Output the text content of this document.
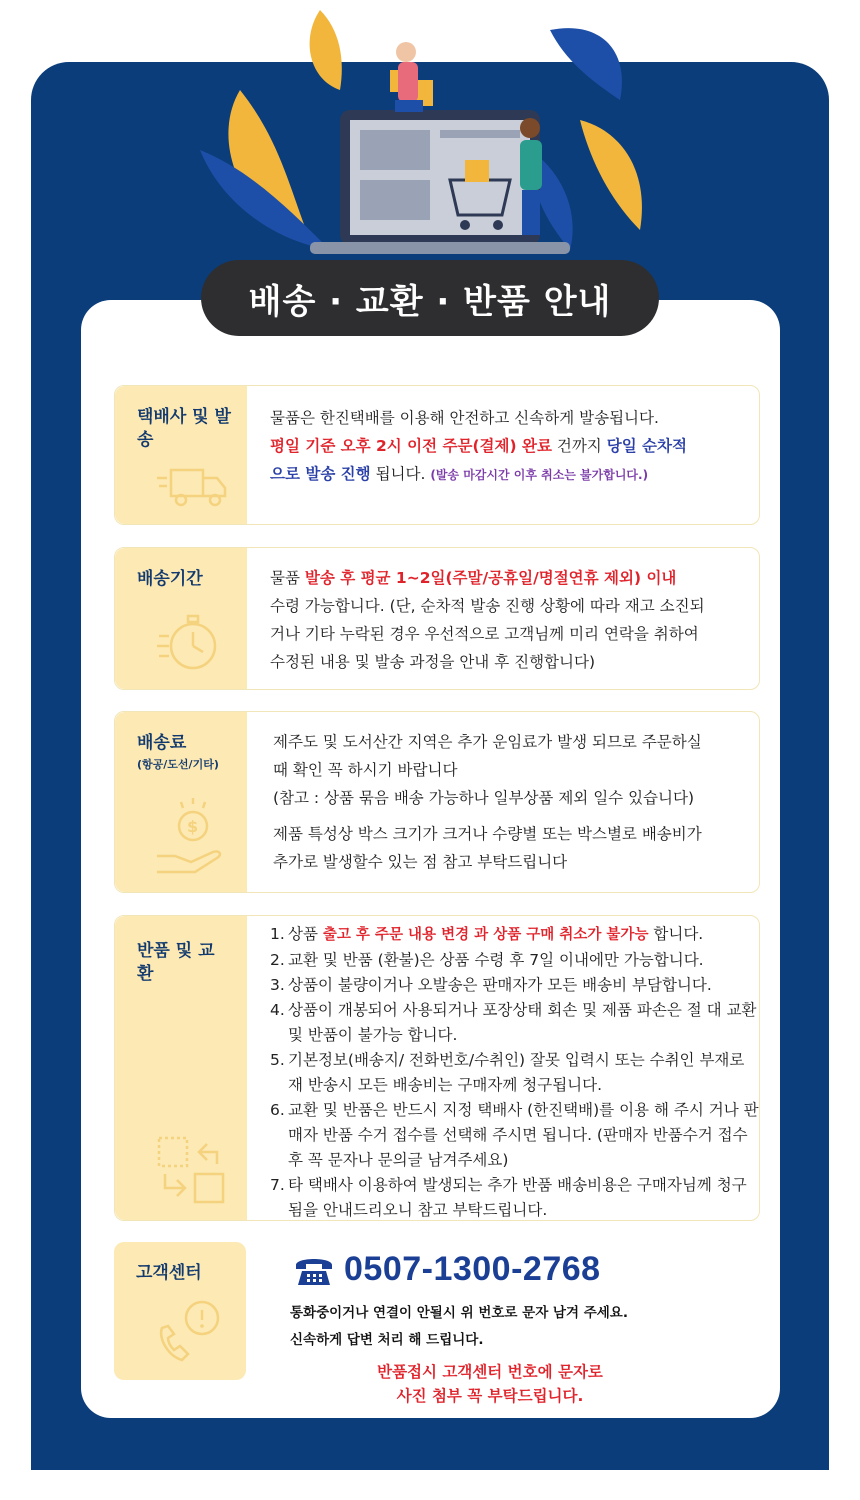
배송 · 교환 · 반품 안내
택배사 및 발송
물품은 한진택배를 이용해 안전하고 신속하게 발송됩니다.
평일 기준 오후 2시 이전 주문(결제) 완료 건까지 당일 순차적
으로 발송 진행 됩니다. (발송 마감시간 이후 취소는 불가합니다.)
배송기간	물품 발송 후 평균 1~2일(주말/공휴일/명절연휴 제외) 이내
수령 가능합니다. (단, 순차적 발송 진행 상황에 따라 재고 소진되
거나 기타 누락된 경우 우선적으로 고객님께 미리 연락을 취하여
수정된 내용 및 발송 과정을 안내 후 진행합니다)
배송료
(항공/도선/기타)
$
제주도 및 도서산간 지역은 추가 운임료가 발생 되므로 주문하실
때 확인 꼭 하시기 바랍니다
(참고 : 상품 묶음 배송 가능하나 일부상품 제외 일수 있습니다)
제품 특성상 박스 크기가 크거나 수량별 또는 박스별로 배송비가
추가로 발생할수 있는 점 참고 부탁드립니다
반품 및 교환
1. 상품 출고 후 주문 내용 변경 과 상품 구매 취소가 불가능 합니다.
2. 교환 및 반품 (환불)은 상품 수령 후 7일 이내에만 가능합니다.
3. 상품이 불량이거나 오발송은 판매자가 모든 배송비 부담합니다.
4. 상품이 개봉되어 사용되거나 포장상태 회손 및 제품 파손은 절 대 교환 및 반품이 불가능 합니다.
5. 기본정보(배송지/ 전화번호/수취인) 잘못 입력시 또는 수취인 부재로 재 반송시 모든 배송비는 구매자께 청구됩니다.
6. 교환 및 반품은 반드시 지정 택배사 (한진택배)를 이용 해 주시 거나 판매자 반품 수거 접수를 선택해 주시면 됩니다. (판매자 반품수거 접수후 꼭 문자나 문의글 남겨주세요)
7. 타 택배사 이용하여 발생되는 추가 반품 배송비용은 구매자님께 청구됨을 안내드리오니 참고 부탁드립니다.
고객센터	0507-1300-2768
통화중이거나 연결이 안될시 위 번호로 문자 남겨 주세요.
신속하게 답변 처리 해 드립니다.
반품접시 고객센터 번호에 문자로
사진 첨부 꼭 부탁드립니다.
